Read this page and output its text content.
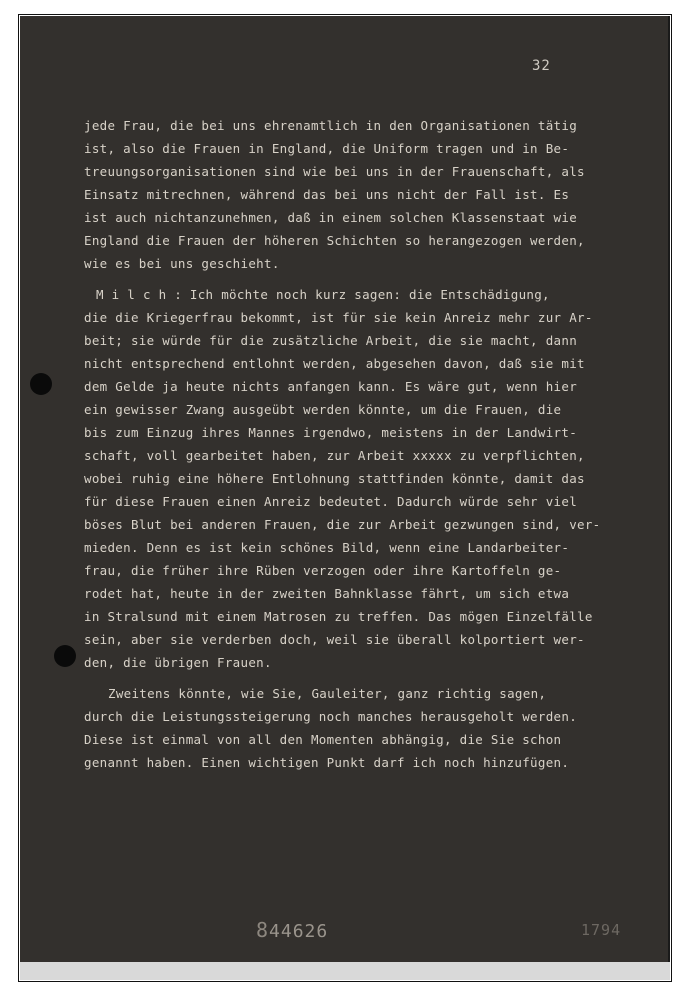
32
jede Frau, die bei uns ehrenamtlich in den Organisationen tätig
ist, also die Frauen in England, die Uniform tragen und in Be-
treuungsorganisationen sind wie bei uns in der Frauenschaft, als
Einsatz mitrechnen, während das bei uns nicht der Fall ist. Es
ist auch nichtanzunehmen, daß in einem solchen Klassenstaat wie
England die Frauen der höheren Schichten so herangezogen werden,
wie es bei uns geschieht.
M i l c h : Ich möchte noch kurz sagen: die Entschädigung,
die die Kriegerfrau bekommt, ist für sie kein Anreiz mehr zur Ar-
beit; sie würde für die zusätzliche Arbeit, die sie macht, dann
nicht entsprechend entlohnt werden, abgesehen davon, daß sie mit
dem Gelde ja heute nichts anfangen kann. Es wäre gut, wenn hier
ein gewisser Zwang ausgeübt werden könnte, um die Frauen, die
bis zum Einzug ihres Mannes irgendwo, meistens in der Landwirt-
schaft, voll gearbeitet haben, zur Arbeit xxxxx zu verpflichten,
wobei ruhig eine höhere Entlohnung stattfinden könnte, damit das
für diese Frauen einen Anreiz bedeutet. Dadurch würde sehr viel
böses Blut bei anderen Frauen, die zur Arbeit gezwungen sind, ver-
mieden. Denn es ist kein schönes Bild, wenn eine Landarbeiter-
frau, die früher ihre Rüben verzogen oder ihre Kartoffeln ge-
rodet hat, heute in der zweiten Bahnklasse fährt, um sich etwa
in Stralsund mit einem Matrosen zu treffen. Das mögen Einzelfälle
sein, aber sie verderben doch, weil sie überall kolportiert wer-
den, die übrigen Frauen.
Zweitens könnte, wie Sie, Gauleiter, ganz richtig sagen,
durch die Leistungssteigerung noch manches herausgeholt werden.
Diese ist einmal von all den Momenten abhängig, die Sie schon
genannt haben. Einen wichtigen Punkt darf ich noch hinzufügen.
844626	1794
